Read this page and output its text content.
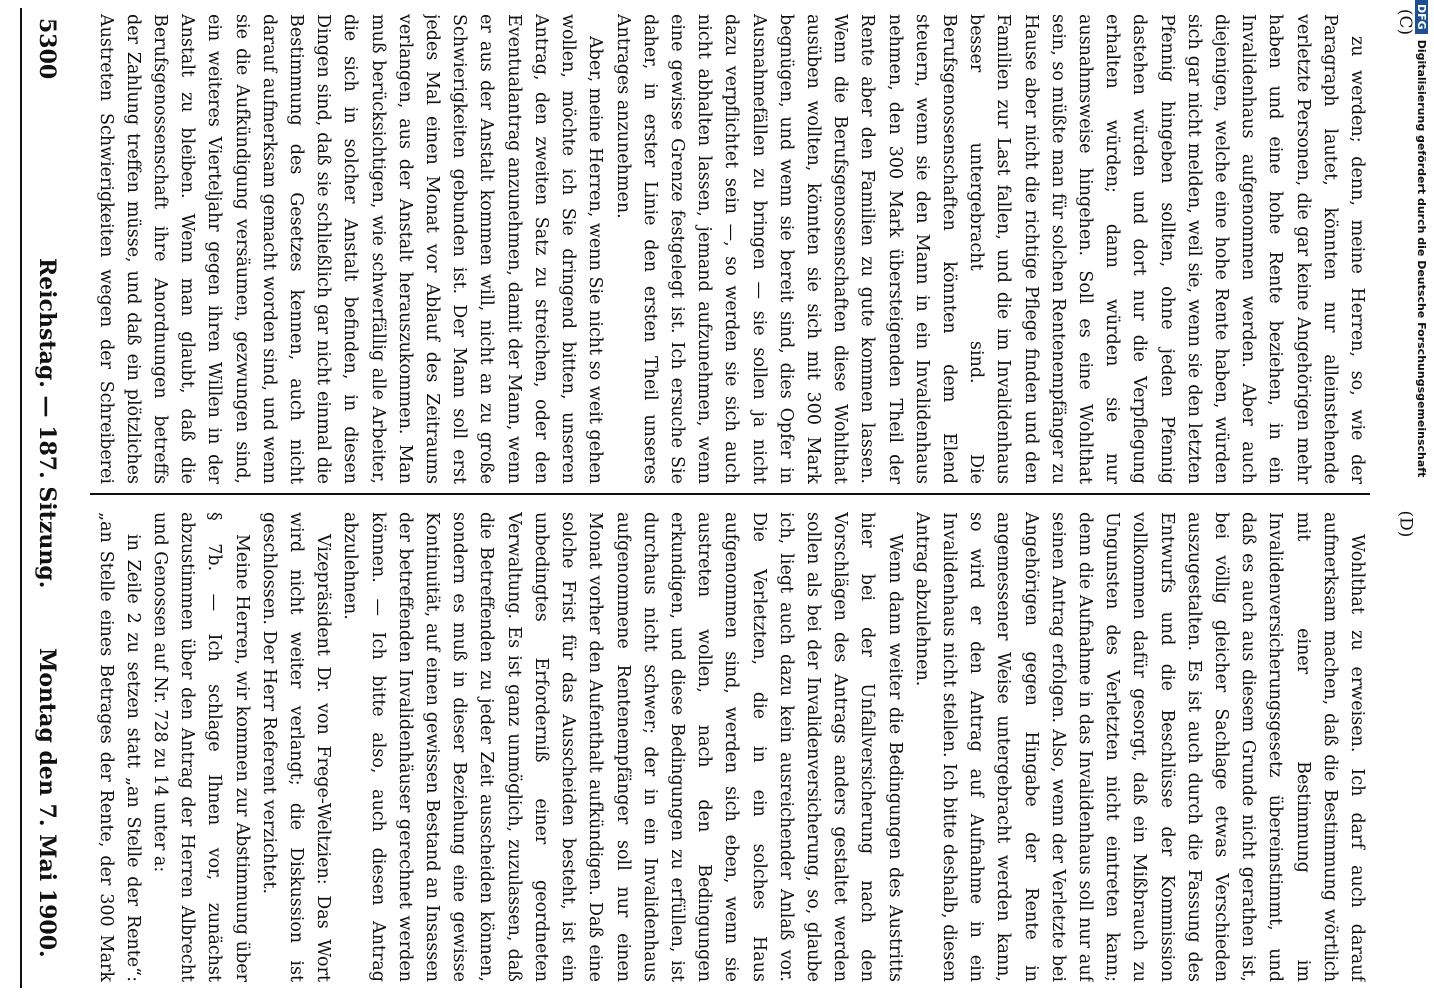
5300
Reichstag. — 187. Sitzung.
Montag den 7. Mai 1900.

zu werden; denn, meine Herren, so, wie der Paragraph lautet, könnten nur alleinstehende verletzte Personen, die gar keine Angehörigen mehr haben und eine hohe Rente beziehen, in ein Invalidenhaus aufgenommen werden. Aber auch diejenigen, welche eine hohe Rente haben, würden sich gar nicht melden, weil sie, wenn sie den letzten Pfennig hingeben sollten, ohne jeden Pfennig dastehen würden und dort nur die Verpflegung erhalten würden; dann würden sie nur ausnahmsweise hingehen. Soll es eine Wohlthat sein, so müßte man für solchen Rentenempfänger zu Hause aber nicht die richtige Pflege finden und den Familien zur Last fallen, und die im Invalidenhaus besser untergebracht sind. Die Berufsgenossenschaften könnten dem Elend steuern, wenn sie den Mann in ein Invalidenhaus nehmen, den 300 Mark übersteigenden Theil der Rente aber den Familien zu gute kommen lassen. Wenn die Berufsgenossenschaften diese Wohlthat ausüben wollten, könnten sie sich mit 300 Mark begnügen, und wenn sie bereit sind, dies Opfer in Ausnahmefällen zu bringen — sie sollen ja nicht dazu verpflichtet sein —, so werden sie sich auch nicht abhalten lassen, jemand aufzunehmen, wenn eine gewisse Grenze festgelegt ist. Ich ersuche Sie daher, in erster Linie den ersten Theil unseres Antrages anzunehmen.

Aber, meine Herren, wenn Sie nicht so weit gehen wollen, möchte ich Sie dringend bitten, unseren Antrag, den zweiten Satz zu streichen, oder den Eventualantrag anzunehmen, damit der Mann, wenn er aus der Anstalt kommen will, nicht an zu große Schwierigkeiten gebunden ist. Der Mann soll erst jedes Mal einen Monat vor Ablauf des Zeitraums verlangen, aus der Anstalt herauszukommen. Man muß berücksichtigen, wie schwerfällig alle Arbeiter, die sich in solcher Anstalt befinden, in diesen Dingen sind, daß sie schließlich gar nicht einmal die Bestimmung des Gesetzes kennen, auch nicht darauf aufmerksam gemacht worden sind, und wenn sie die Aufkündigung versäumen, gezwungen sind, ein weiteres Vierteljahr gegen ihren Willen in der Anstalt zu bleiben. Wenn man glaubt, daß die Berufsgenossenschaft ihre Anordnungen betreffs der Zahlung treffen müsse, und daß ein plötzliches Austreten Schwierigkeiten wegen der Schreiberei

Wohlthat zu erweisen. Ich darf auch darauf aufmerksam machen, daß die Bestimmung wörtlich mit einer Bestimmung im Invalidenversicherungsgesetz übereinstimmt, und daß es auch aus diesem Grunde nicht gerathen ist, bei völlig gleicher Sachlage etwas Verschieden auszugestalten. Es ist auch durch die Fassung des Entwurfs und die Beschlüsse der Kommission vollkommen dafür gesorgt, daß ein Mißbrauch zu Ungunsten des Verletzten nicht eintreten kann; denn die Aufnahme in das Invalidenhaus soll nur auf seinen Antrag erfolgen. Also, wenn der Verletzte bei Angehörigen gegen Hingabe der Rente in angemessener Weise untergebracht werden kann, so wird er den Antrag auf Aufnahme in ein Invalidenhaus nicht stellen. Ich bitte deshalb, diesen Antrag abzulehnen.

Wenn dann weiter die Bedingungen des Austritts hier bei der Unfallversicherung nach den Vorschlägen des Antrags anders gestaltet werden sollen als bei der Invalidenversicherung, so, glaube ich, liegt auch dazu kein ausreichender Anlaß vor. Die Verletzten, die in ein solches Haus aufgenommen sind, werden sich eben, wenn sie austreten wollen, nach den Bedingungen erkundigen, und diese Bedingungen zu erfüllen, ist durchaus nicht schwer; der in ein Invalidenhaus aufgenommene Rentenempfänger soll nur einen Monat vorher den Aufenthalt aufkündigen. Daß eine solche Frist für das Ausscheiden besteht, ist ein unbedingtes Erforderniß einer geordneten Verwaltung. Es ist ganz unmöglich, zuzulassen, daß die Betreffenden zu jeder Zeit ausscheiden können, sondern es muß in dieser Beziehung eine gewisse Kontinuität, auf einen gewissen Bestand an Insassen der betreffenden Invalidenhäuser gerechnet werden können. — Ich bitte also, auch diesen Antrag abzulehnen.

Vizepräsident Dr. von Frege-Weltzien: Das Wort wird nicht weiter verlangt; die Diskussion ist geschlossen. Der Herr Referent verzichtet.

Meine Herren, wir kommen zur Abstimmung über § 7b. — Ich schlage Ihnen vor, zunächst abzustimmen über den Antrag der Herren Albrecht und Genossen auf Nr. 728 zu 14 unter a:

in Zeile 2 zu setzen statt „an Stelle der Rente“: „an Stelle eines Betrages der Rente, der 300 Mark

(C)
(D)
DFGDigitalisierung gefördert durch die Deutsche Forschungsgemeinschaft
